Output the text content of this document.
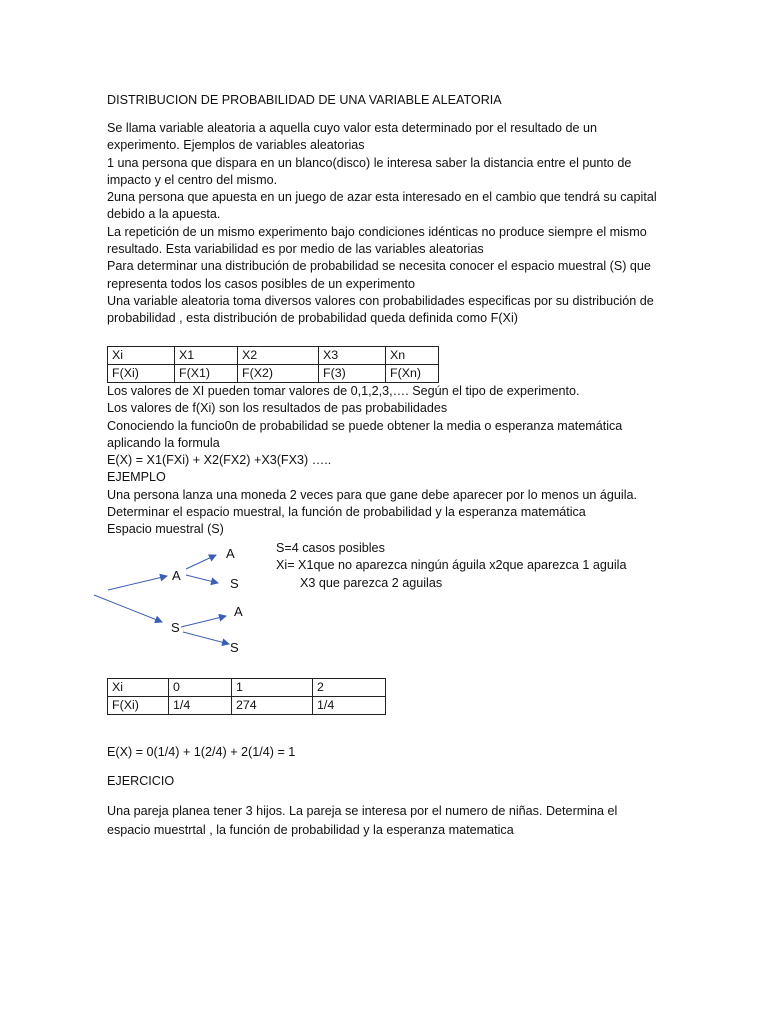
DISTRIBUCION DE PROBABILIDAD DE UNA VARIABLE ALEATORIA
Se llama variable aleatoria a aquella cuyo valor esta determinado por el resultado de un
experimento. Ejemplos de variables aleatorias
1 una persona que dispara en un blanco(disco) le interesa saber la distancia entre el punto de
impacto y el centro del mismo.
2una persona que apuesta en un juego de azar esta interesado en el cambio que tendrá su capital
debido a la apuesta.
La repetición de un mismo experimento bajo condiciones idénticas no produce siempre el mismo
resultado. Esta variabilidad es por medio de las variables aleatorias
Para determinar una distribución de probabilidad se necesita conocer el espacio muestral (S) que
representa todos los casos posibles de un experimento
Una variable aleatoria toma diversos valores con probabilidades especificas por su distribución de
probabilidad , esta distribución de probabilidad queda definida como F(Xi)
Xi	X1	X2	X3	Xn
F(Xi)	F(X1)	F(X2)	F(3)	F(Xn)
Los valores de XI pueden tomar valores de 0,1,2,3,…. Según el tipo de experimento.
Los valores de f(Xi) son los resultados de pas probabilidades
Conociendo la funcio0n de probabilidad se puede obtener la media o esperanza matemática
aplicando la formula
E(X) = X1(FXi) + X2(FX2) +X3(FX3) …..
EJEMPLO
Una persona lanza una moneda 2 veces para que gane debe aparecer por lo menos un águila.
Determinar el espacio muestral, la función de probabilidad y la esperanza matemática
Espacio muestral (S)
A
S
A
S
A
S
S=4 casos posibles
Xi= X1que no aparezca ningún águila x2que aparezca 1 aguila
X3 que parezca 2 aguilas
Xi	0	1	2
F(Xi)	1/4	274	1/4
E(X) = 0(1/4) + 1(2/4) + 2(1/4) = 1
EJERCICIO
Una pareja planea tener 3 hijos. La pareja se interesa por el numero de niñas. Determina el
espacio muestrtal , la función de probabilidad y la esperanza matematica
